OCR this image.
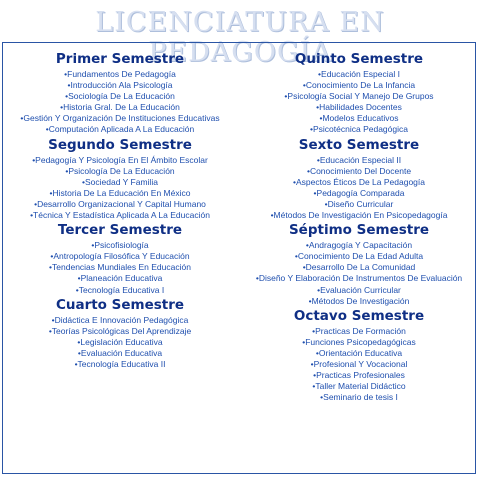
LICENCIATURA EN PEDAGOGÍA
Primer Semestre
• Fundamentos De Pedagogía
• Introducción Ala Psicología
• Sociología De La Educación
• Historia Gral. De La Educación
• Gestión Y Organización De Instituciones Educativas
• Computación Aplicada A La Educación
Segundo Semestre
• Pedagogía Y Psicología En El Ámbito Escolar
• Psicología De La Educación
• Sociedad Y Familia
• Historia De La Educación En México
• Desarrollo Organizacional Y Capital Humano
• Técnica Y Estadística Aplicada A La Educación
Tercer Semestre
• Psicofisiología
• Antropología Filosófica Y Educación
• Tendencias Mundiales En Educación
• Planeación Educativa
• Tecnología Educativa I
Cuarto Semestre
• Didáctica E Innovación Pedagógica
• Teorías Psicológicas Del Aprendizaje
• Legislación Educativa
• Evaluación Educativa
• Tecnología Educativa II
Quinto Semestre
• Educación Especial I
• Conocimiento De La Infancia
• Psicología Social Y Manejo De Grupos
• Habilidades Docentes
• Modelos Educativos
• Psicotécnica Pedagógica
Sexto Semestre
• Educación Especial II
• Conocimiento Del Docente
• Aspectos Éticos De La Pedagogía
• Pedagogía Comparada
• Diseño Curricular
• Métodos De Investigación En Psicopedagogía
Séptimo Semestre
• Andragogía Y Capacitación
• Conocimiento De La Edad Adulta
• Desarrollo De La Comunidad
• Diseño Y Elaboración De Instrumentos De Evaluación
• Evaluación Curricular
• Métodos De Investigación
Octavo Semestre
• Practicas De Formación
• Funciones Psicopedagógicas
• Orientación Educativa
• Profesional Y Vocacional
• Practicas Profesionales
• Taller Material Didáctico
• Seminario de tesis I
